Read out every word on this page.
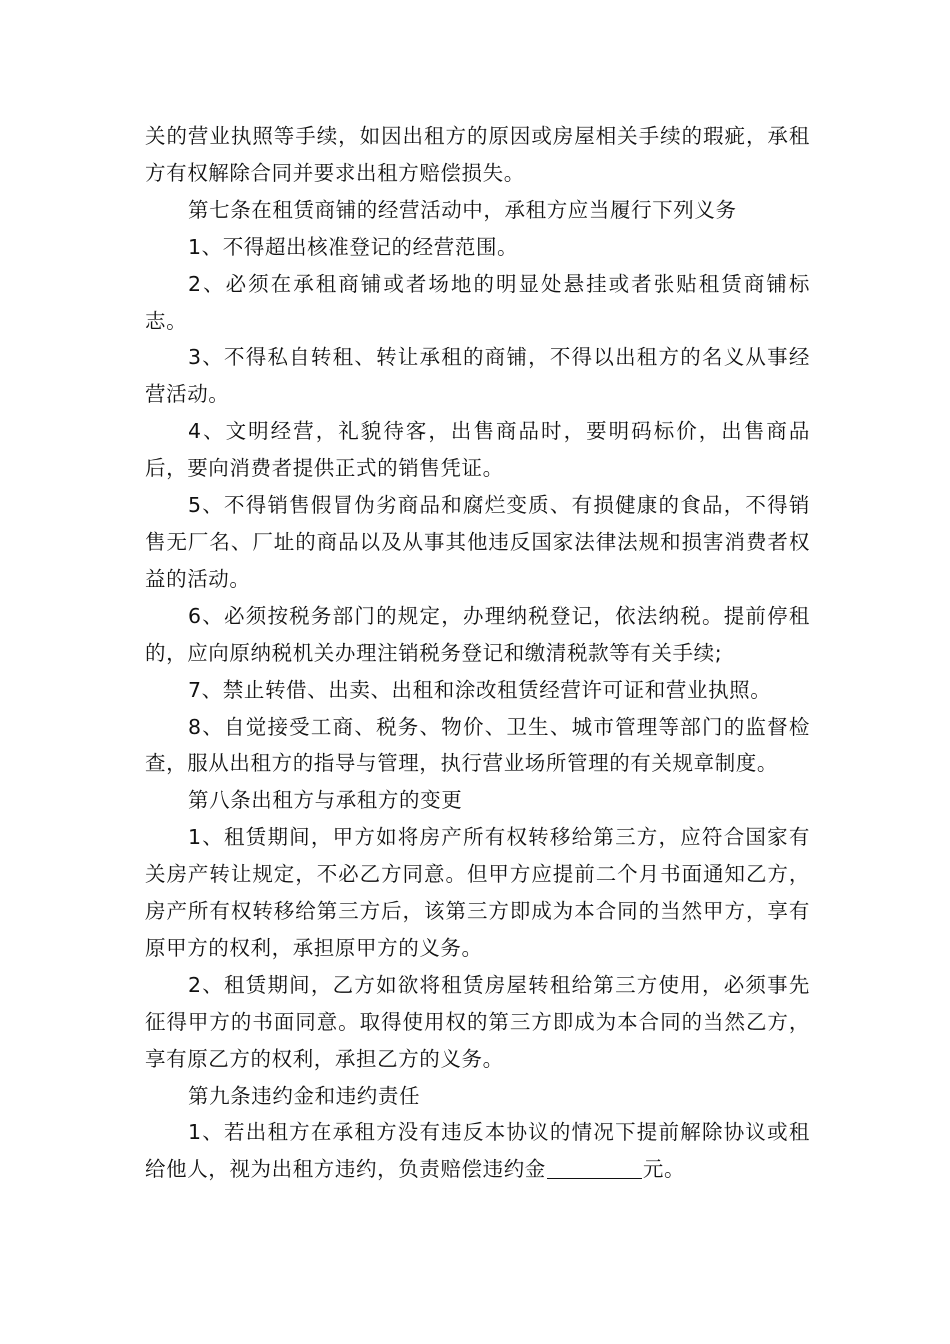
关的营业执照等手续，如因出租方的原因或房屋相关手续的瑕疵，承租方有权解除合同并要求出租方赔偿损失。

第七条在租赁商铺的经营活动中，承租方应当履行下列义务

1、不得超出核准登记的经营范围。

2、必须在承租商铺或者场地的明显处悬挂或者张贴租赁商铺标志。

3、不得私自转租、转让承租的商铺，不得以出租方的名义从事经营活动。

4、文明经营，礼貌待客，出售商品时，要明码标价，出售商品后，要向消费者提供正式的销售凭证。

5、不得销售假冒伪劣商品和腐烂变质、有损健康的食品，不得销售无厂名、厂址的商品以及从事其他违反国家法律法规和损害消费者权益的活动。

6、必须按税务部门的规定，办理纳税登记，依法纳税。提前停租的，应向原纳税机关办理注销税务登记和缴清税款等有关手续;

7、禁止转借、出卖、出租和涂改租赁经营许可证和营业执照。

8、自觉接受工商、税务、物价、卫生、城市管理等部门的监督检查，服从出租方的指导与管理，执行营业场所管理的有关规章制度。

第八条出租方与承租方的变更

1、租赁期间，甲方如将房产所有权转移给第三方，应符合国家有关房产转让规定，不必乙方同意。但甲方应提前二个月书面通知乙方，房产所有权转移给第三方后，该第三方即成为本合同的当然甲方，享有原甲方的权利，承担原甲方的义务。

2、租赁期间，乙方如欲将租赁房屋转租给第三方使用，必须事先征得甲方的书面同意。取得使用权的第三方即成为本合同的当然乙方，享有原乙方的权利，承担乙方的义务。

第九条违约金和违约责任

1、若出租方在承租方没有违反本协议的情况下提前解除协议或租给他人，视为出租方违约，负责赔偿违约金	元。
